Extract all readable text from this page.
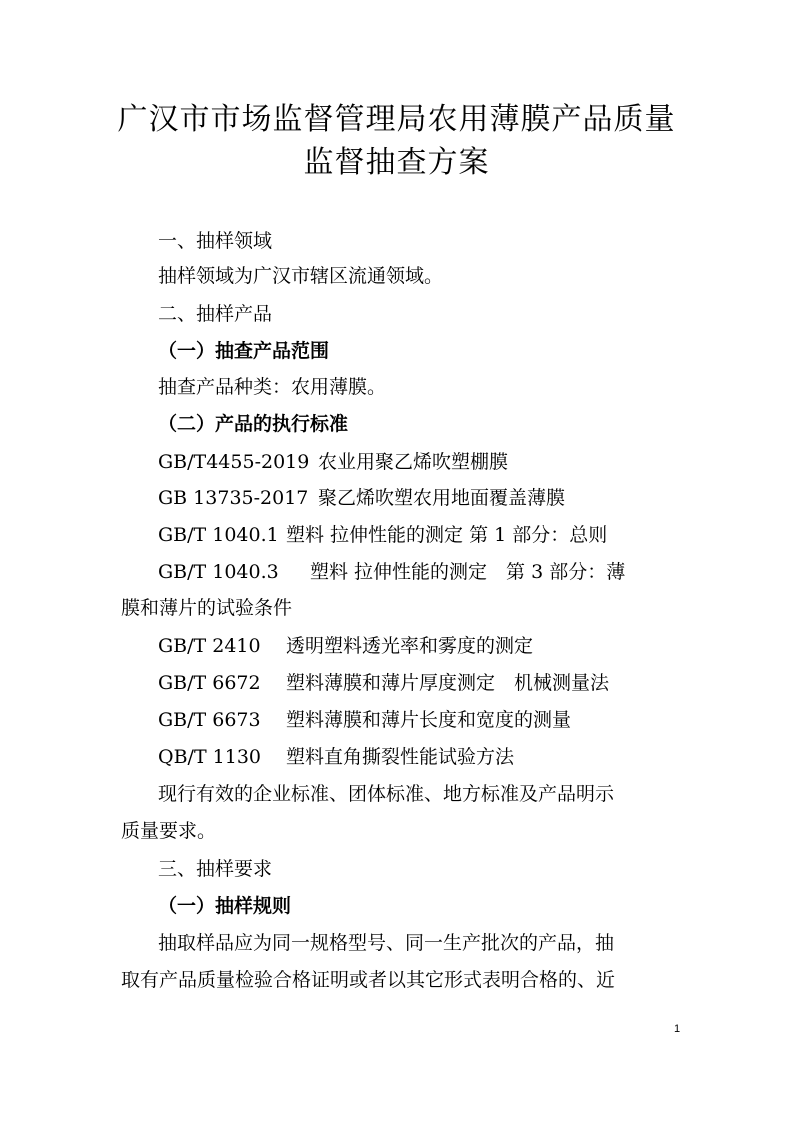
广汉市市场监督管理局农用薄膜产品质量
监督抽查方案
一、抽样领域
抽样领域为广汉市辖区流通领域。
二、抽样产品
（一）抽查产品范围
抽查产品种类：农用薄膜。
（二）产品的执行标准
GB/T4455-2019 农业用聚乙烯吹塑棚膜
GB 13735-2017 聚乙烯吹塑农用地面覆盖薄膜
GB/T 1040.1 塑料 拉伸性能的测定 第 1 部分：总则
GB/T 1040.3 塑料 拉伸性能的测定　第 3 部分：薄
膜和薄片的试验条件
GB/T 2410 透明塑料透光率和雾度的测定
GB/T 6672 塑料薄膜和薄片厚度测定　机械测量法
GB/T 6673 塑料薄膜和薄片长度和宽度的测量
QB/T 1130 塑料直角撕裂性能试验方法
现行有效的企业标准、团体标准、地方标准及产品明示
质量要求。
三、抽样要求
（一）抽样规则
抽取样品应为同一规格型号、同一生产批次的产品，抽
取有产品质量检验合格证明或者以其它形式表明合格的、近
1
